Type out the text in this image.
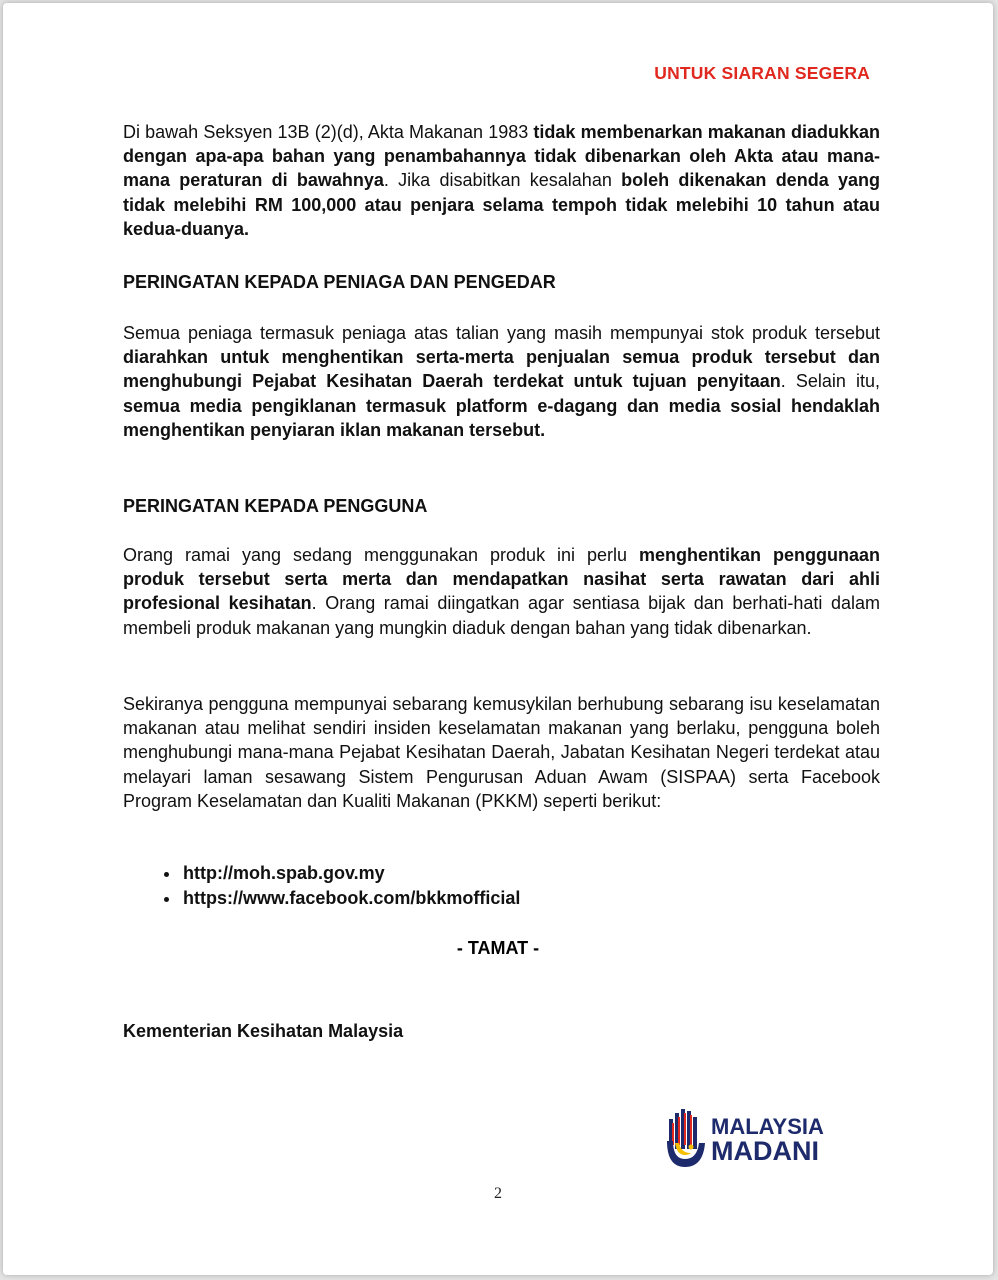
UNTUK SIARAN SEGERA

Di bawah Seksyen 13B (2)(d), Akta Makanan 1983 tidak membenarkan makanan diadukkan dengan apa-apa bahan yang penambahannya tidak dibenarkan oleh Akta atau mana-mana peraturan di bawahnya. Jika disabitkan kesalahan boleh dikenakan denda yang tidak melebihi RM 100,000 atau penjara selama tempoh tidak melebihi 10 tahun atau kedua-duanya.

PERINGATAN KEPADA PENIAGA DAN PENGEDAR

Semua peniaga termasuk peniaga atas talian yang masih mempunyai stok produk tersebut diarahkan untuk menghentikan serta-merta penjualan semua produk tersebut dan menghubungi Pejabat Kesihatan Daerah terdekat untuk tujuan penyitaan. Selain itu, semua media pengiklanan termasuk platform e-dagang dan media sosial hendaklah menghentikan penyiaran iklan makanan tersebut.

PERINGATAN KEPADA PENGGUNA

Orang ramai yang sedang menggunakan produk ini perlu menghentikan penggunaan produk tersebut serta merta dan mendapatkan nasihat serta rawatan dari ahli profesional kesihatan. Orang ramai diingatkan agar sentiasa bijak dan berhati-hati dalam membeli produk makanan yang mungkin diaduk dengan bahan yang tidak dibenarkan.

Sekiranya pengguna mempunyai sebarang kemusykilan berhubung sebarang isu keselamatan makanan atau melihat sendiri insiden keselamatan makanan yang berlaku, pengguna boleh menghubungi mana-mana Pejabat Kesihatan Daerah, Jabatan Kesihatan Negeri terdekat atau melayari laman sesawang Sistem Pengurusan Aduan Awam (SISPAA) serta Facebook Program Keselamatan dan Kualiti Makanan (PKKM) seperti berikut:

• http://moh.spab.gov.my
• https://www.facebook.com/bkkmofficial
- TAMAT -
Kementerian Kesihatan Malaysia
MALAYSIA
MADANI
2
